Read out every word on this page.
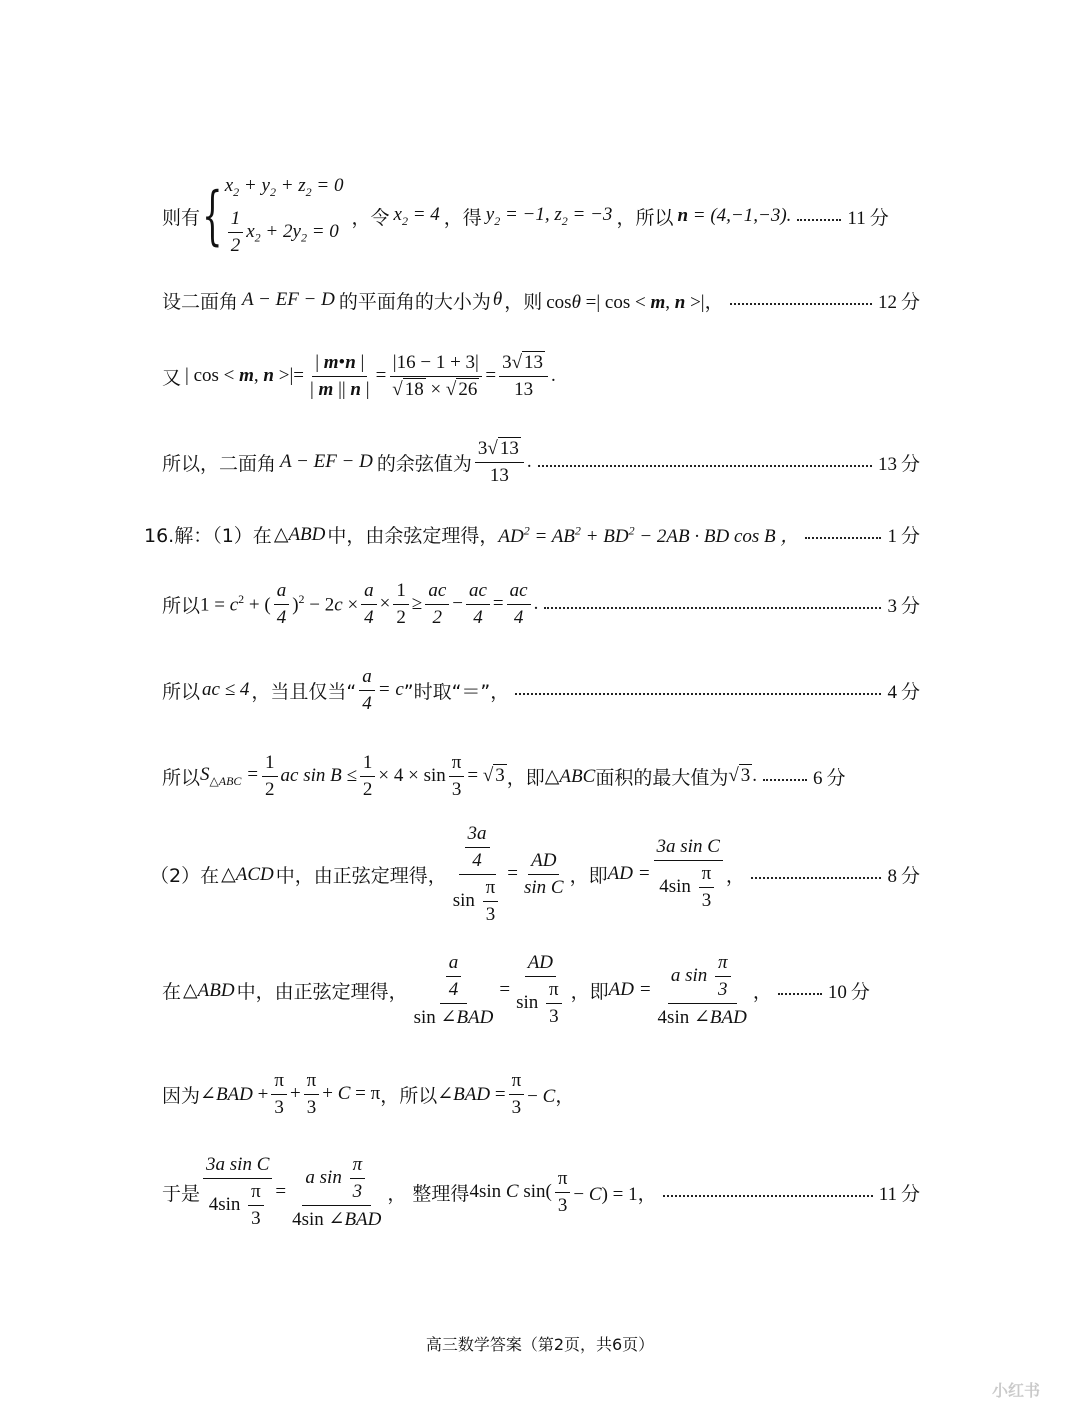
则有 { $x_2 + y_2 + z_2 = 0$
$\frac{1}{2} x_2 + 2y_2 = 0$
，令 $x_2 = 4$ ，得 $y_2 = -1$, $z_2 = -3$ ，所以 n = (4,−1,−3).	11 分
设二面角 A − EF − D 的平面角的大小为 θ ，则 cosθ =| cos < m, n >|，	12 分
又 | cos < m, n >|= $\frac{| m•n |}{| m || n |} = \frac{|16 - 1 + 3|}{√ 18 \times √ 26} = \frac{3√ 13}{13}$ .
所以，二面角 A − EF − D 的余弦值为 $\frac{3√ 13}{13}$ .	13 分
16.解：（1）在 △ABD 中，由余弦定理得， $AD^2 = AB^2 + BD^2 - 2AB$ · BD cos B ，	1 分
所以 $1 = c^2$ + ( $\frac{a}{4} )^2 - 2c \times \frac{a}{4} \times \frac{1}{2} \ge \frac{ac}{2} - \frac{ac}{4} = \frac{ac}{4}$ .	3 分
所以 ac ≤ 4 ，当且仅当“ $\frac{a}{4} = c$ ”时取“＝”，	4 分
所以 $S_{\triangle ABC} = \frac{1}{2}$ ac $\sin B \le \frac{1}{2} \times 4 \times \sin \frac{\pi}{3}$ = √ 3 ，即 △ABC 面积的最大值为 √ 3 .	6 分
（2）在 △ACD 中，由正弦定理得， $\frac{\frac{3a}{4}}{\sin \frac{\pi}{3}} = \frac{AD}{\text{sin C}}$ ，即 AD = $\frac{\text{3a sin C}}{4\sin \frac{\pi}{3}}$ ，	8 分
在 △ABD 中，由正弦定理得， $\frac{\frac{a}{4}}{\text{sin ∠BAD}} = \frac{AD}{\sin \frac{\pi}{3}}$ ，即 AD = $\frac{a \sin \frac{\pi}{3}}{\text{4sin ∠BAD}}$ ，	10 分
因为 ∠BAD + $\frac{\pi}{3} + \frac{\pi}{3} + C = \pi$ ，所以 ∠BAD = $\frac{\pi}{3} - C$，
于是 $\frac{\text{3a sin C}}{4\sin \frac{\pi}{3}} = \frac{a \sin \frac{\pi}{3}}{\text{4sin ∠BAD}}$ ， 整理得 4sin C $\sin( \frac{\pi}{3} - C) = 1$，	11 分
高三数学答案（第2页，共6页）
小红书
